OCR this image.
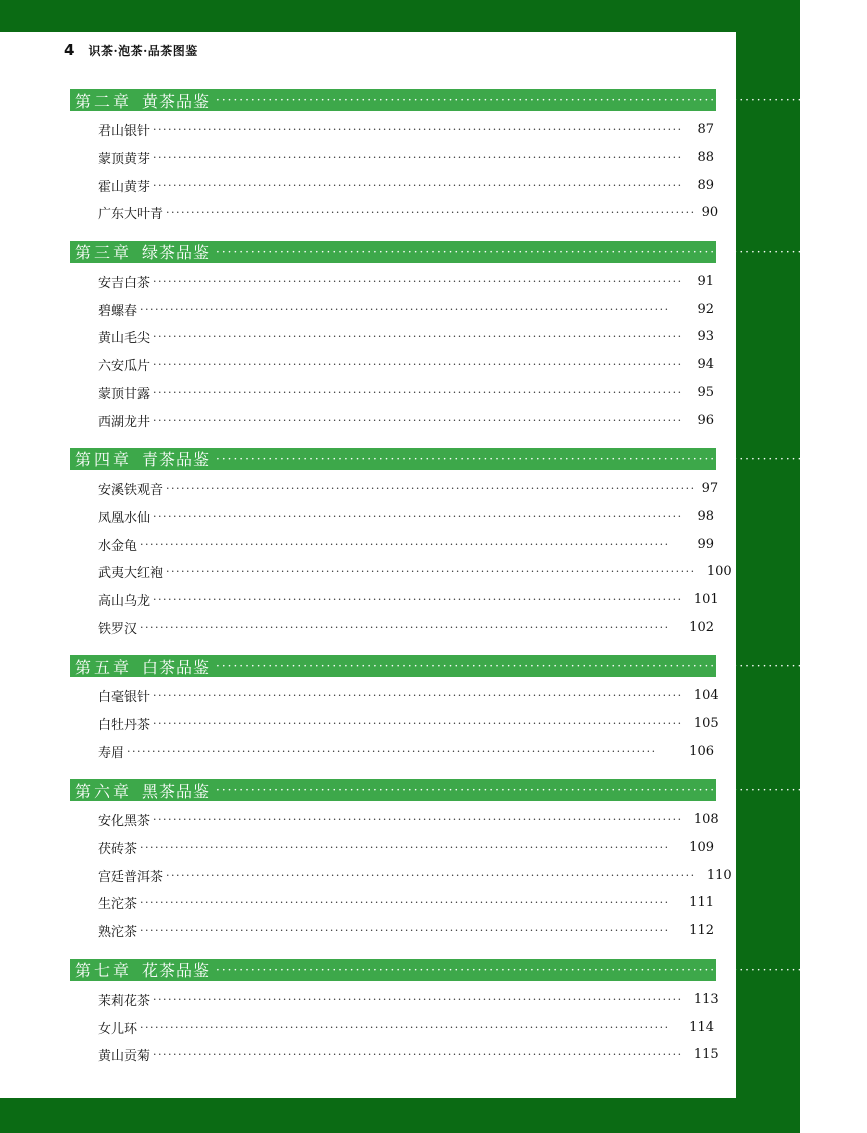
4 识茶·泡茶·品茶图鉴
第二章 黄茶品鉴 ·········································································································· 87
君山银针 ··········································································································	87
蒙顶黄芽 ··········································································································	88
霍山黄芽 ··········································································································	89
广东大叶青 ·········································································································· 90
第三章 绿茶品鉴 ·········································································································· 91
安吉白茶 ··········································································································	91
碧螺春 ··········································································································	92
黄山毛尖 ··········································································································	93
六安瓜片 ··········································································································	94
蒙顶甘露 ··········································································································	95
西湖龙井 ··········································································································	96
第四章 青茶品鉴 ·········································································································· 97
安溪铁观音 ·········································································································· 97
凤凰水仙 ··········································································································	98
水金龟 ··········································································································	99
武夷大红袍 ·········································································································· 100
高山乌龙 ·········································································································· 101
铁罗汉 ··········································································································	102
第五章 白茶品鉴 ·········································································································· 104
白毫银针 ·········································································································· 104
白牡丹茶 ·········································································································· 105
寿眉 ··········································································································	106
第六章 黑茶品鉴 ·········································································································· 108
安化黑茶 ·········································································································· 108
茯砖茶 ··········································································································	109
宫廷普洱茶 ·········································································································· 110
生沱茶 ··········································································································	111
熟沱茶 ··········································································································	112
第七章 花茶品鉴 ·········································································································· 113
茉莉花茶 ·········································································································· 113
女儿环 ··········································································································	114
黄山贡菊 ·········································································································· 115
